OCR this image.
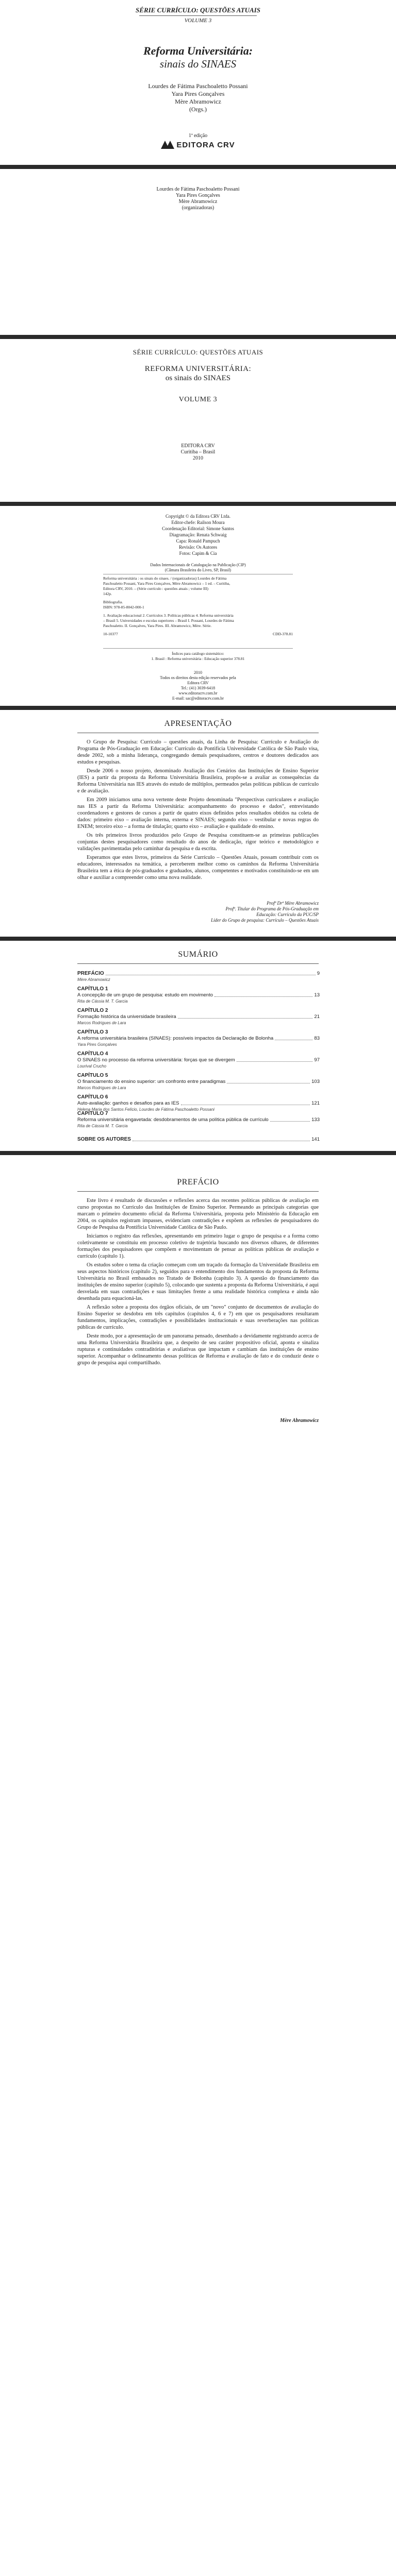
SÉRIE CURRÍCULO: QUESTÕES ATUAIS
VOLUME 3
Reforma Universitária:
sinais do SINAES
Lourdes de Fátima Paschoaletto Possani
Yara Pires Gonçalves
Mère Abramowicz
(Orgs.)
1ª edição
EDITORA CRV
Lourdes de Fátima Paschoaletto Possani
Yara Pires Gonçalves
Mère Abramowicz
(organizadoras)
SÉRIE CURRÍCULO: QUESTÕES ATUAIS
REFORMA UNIVERSITÁRIA:
os sinais do SINAES
VOLUME 3
EDITORA CRV
Curitiba – Brasil
2010
Copyright © da Editora CRV Ltda.
Editor-chefe: Railson Moura
Coordenação Editorial: Simone Santos
Diagramação: Renata Schwaig
Capa: Ronald Pampuch
Revisão: Os Autores
Fotos: Capim & Cia
Dados Internacionais de Catalogação na Publicação (CIP)
(Câmara Brasileira do Livro, SP, Brasil)
Reforma universitária : os sinais do sinaes. / (organizadoras) Lourdes de Fátima
Paschoaletto Possani, Yara Pires Gonçalves, Mère Abramowicz – 1 ed. – Curitiba,
Editora CRV, 2010. – (Série currículo : questões atuais ; volume III)
142p.
Bibliografia.
ISBN: 978-85-8042-000-1
1. Avaliação educacional 2. Currículos 3. Políticas públicas 4. Reforma universitária
– Brasil 5. Universidades e escolas superiores – Brasil I. Possani, Lourdes de Fátima
Paschoaletto. II. Gonçalves, Yara Pires. III. Abramowicz, Mère. Série.
10-10377	CDD-378.81
Índices para catálogo sistemático:
1. Brasil : Reforma universitária : Educação superior 378.81
2010
Todos os direitos desta edição reservados pela
Editora CRV
Tel.: (41) 3039-6418
www.editoracrv.com.br
E-mail: sac@editoracrv.com.br
APRESENTAÇÃO

O Grupo de Pesquisa: Currículo – questões atuais, da Linha de Pesquisa: Currículo e Avaliação do Programa de Pós-Graduação em Educação: Currículo da Pontifícia Universidade Católica de São Paulo visa, desde 2002, sob a minha liderança, congregando demais pesquisadores, centros e doutores dedicados aos estudos e pesquisas.

Desde 2006 o nosso projeto, denominado Avaliação dos Cenários das Instituições de Ensino Superior (IES) a partir da proposta da Reforma Universitária Brasileira, propôs-se a avaliar as consequências da Reforma Universitária nas IES através do estudo de múltiplos, permeados pelas políticas públicas de currículo e de avaliação.

Em 2009 iniciamos uma nova vertente deste Projeto denominada "Perspectivas curriculares e avaliação nas IES a partir da Reforma Universitária: acompanhamento do processo e dados", entrevistando coordenadores e gestores de cursos a partir de quatro eixos definidos pelos resultados obtidos na coleta de dados: primeiro eixo – avaliação interna, externa e SINAES; segundo eixo – vestibular e novas regras do ENEM; terceiro eixo – a forma de titulação; quarto eixo – avaliação e qualidade do ensino.

Os três primeiros livros produzidos pelo Grupo de Pesquisa constituem-se as primeiras publicações conjuntas destes pesquisadores como resultado do anos de dedicação, rigor teórico e metodológico e validações pavimentadas pelo caminhar da pesquisa e da escrita.

Esperamos que estes livros, primeiros da Série Currículo – Questões Atuais, possam contribuir com os educadores, interessados na temática, a perceberem melhor como os caminhos da Reforma Universitária Brasileira tem a ética de pós-graduados e graduados, alunos, competentes e motivados constituindo-se em um olhar e auxiliar a compreender como uma nova realidade.

Profª Drª Mère Abramowicz
Profª. Titular do Programa de Pós-Graduação em
Educação: Currículo da PUC/SP
Líder do Grupo de pesquisa: Currículo – Questões Atuais
SUMÁRIO
PREFÁCIO	9
Mère Abramowicz
CAPÍTULO 1
A concepção de um grupo de pesquisa: estudo em movimento	13
Rita de Cássia M. T. Garcia
CAPÍTULO 2
Formação histórica da universidade brasileira	21
Marcos Rodrigues de Lara
CAPÍTULO 3
A reforma universitária brasileira (SINAES): possíveis impactos da Declaração de Bolonha	83
Yara Pires Gonçalves
CAPÍTULO 4
O SINAES no processo da reforma universitária: forças que se divergem	97
Lourival Crucho
CAPÍTULO 5
O financiamento do ensino superior: um confronto entre paradigmas	103
Marcos Rodrigues de Lara
CAPÍTULO 6
Auto-avaliação: ganhos e desafios para as IES	121
Helena Maria dos Santos Felício, Lourdes de Fátima Paschoaletto Possani
CAPÍTULO 7
Reforma universitária engavetada: desdobramentos de uma política pública de currículo	133
Rita de Cássia M. T. Garcia
SOBRE OS AUTORES	141
PREFÁCIO

Este livro é resultado de discussões e reflexões acerca das recentes políticas públicas de avaliação em curso propostas no Currículo das Instituições de Ensino Superior. Permeando as principais categorias que marcam o primeiro documento oficial da Reforma Universitária, proposta pelo Ministério da Educação em 2004, os capítulos registram impasses, evidenciam contradições e expõem as reflexões de pesquisadores do Grupo de Pesquisa da Pontifícia Universidade Católica de São Paulo.

Iniciamos o registro das reflexões, apresentando em primeiro lugar o grupo de pesquisa e a forma como coletivamente se constituiu em processo coletivo de trajetória buscando nos diversos olhares, de diferentes formações dos pesquisadores que compõem e movimentam de pensar as políticas públicas de avaliação e currículo (capítulo 1).

Os estudos sobre o tema da criação começam com um traçado da formação da Universidade Brasileira em seus aspectos históricos (capítulo 2), seguidos para o entendimento dos fundamentos da proposta da Reforma Universitária no Brasil embasados no Tratado de Bolonha (capítulo 3). A questão do financiamento das instituições de ensino superior (capítulo 5), colocando que sustenta a proposta da Reforma Universitária, é aqui desvelada em suas contradições e suas limitações frente a uma realidade histórica complexa e ainda não desenhada para equacioná-las.

A reflexão sobre a proposta dos órgãos oficiais, de um "novo" conjunto de documentos de avaliação do Ensino Superior se desdobra em três capítulos (capítulos 4, 6 e 7) em que os pesquisadores resultaram fundamentos, implicações, contradições e possibilidades institucionais e suas reverberações nas políticas públicas de currículo.

Deste modo, por a apresentação de um panorama pensado, desenhado a devidamente registrando acerca de uma Reforma Universitária Brasileira que, a despeito de seu caráter propositivo oficial, aponta e sinaliza rupturas e continuidades contraditórias e avaliativas que impactam e cambiam das instituições de ensino superior. Acompanhar o delineamento dessas políticas de Reforma e avaliação de fato e do conduzir deste o grupo de pesquisa aqui compartilhado.

Mère Abramowicz
